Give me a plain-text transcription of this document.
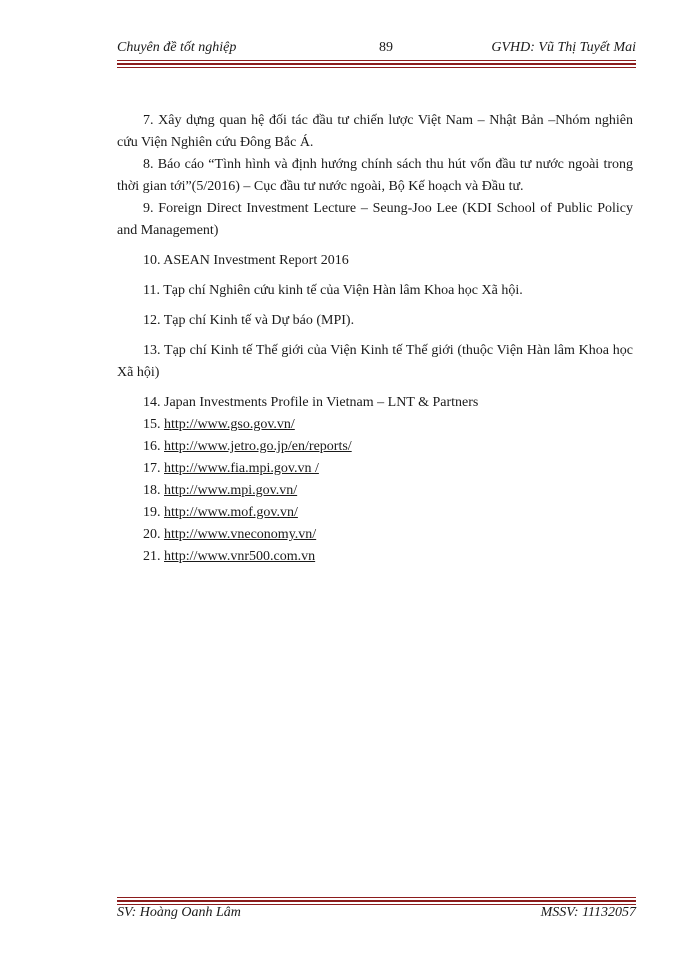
Chuyên đề tốt nghiệp	89	GVHD: Vũ Thị Tuyết Mai

7. Xây dựng quan hệ đối tác đầu tư chiến lược Việt Nam – Nhật Bản –Nhóm nghiên cứu Viện Nghiên cứu Đông Bắc Á.

8. Báo cáo “Tình hình và định hướng chính sách thu hút vốn đầu tư nước ngoài trong thời gian tới”(5/2016) – Cục đầu tư nước ngoài, Bộ Kế hoạch và Đầu tư.

9. Foreign Direct Investment Lecture – Seung-Joo Lee (KDI School of Public Policy and Management)

10. ASEAN Investment Report 2016

11. Tạp chí Nghiên cứu kinh tế của Viện Hàn lâm Khoa học Xã hội.

12. Tạp chí Kinh tế và Dự báo (MPI).

13. Tạp chí Kinh tế Thế giới của Viện Kinh tế Thế giới (thuộc Viện Hàn lâm Khoa học Xã hội)

14. Japan Investments Profile in Vietnam – LNT & Partners

15. http://www.gso.gov.vn/

16. http://www.jetro.go.jp/en/reports/

17. http://www.fia.mpi.gov.vn /

18. http://www.mpi.gov.vn/

19. http://www.mof.gov.vn/

20. http://www.vneconomy.vn/

21. http://www.vnr500.com.vn

SV: Hoàng Oanh Lâm	MSSV: 11132057
